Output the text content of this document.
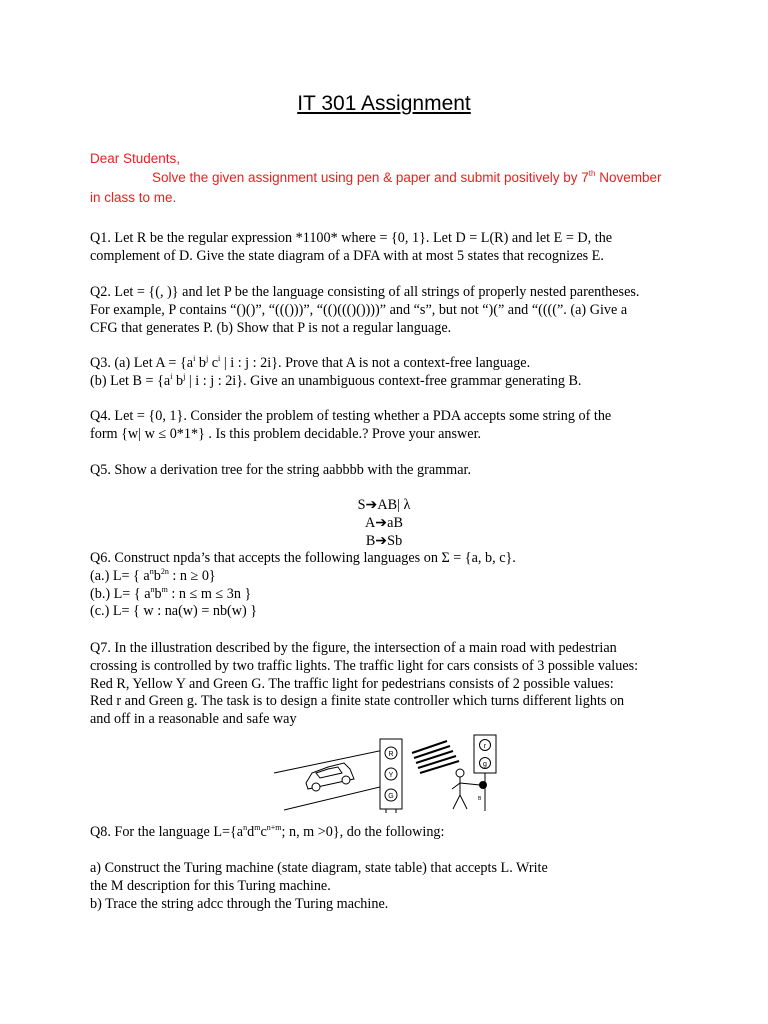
IT 301 Assignment
Dear Students,
Solve the given assignment using pen & paper and submit positively by 7th November
in class to me.
Q1. Let R be the regular expression *1100* where = {0, 1}. Let D = L(R) and let E = D, the
complement of D. Give the state diagram of a DFA with at most 5 states that recognizes E.
Q2. Let = {(, )} and let P be the language consisting of all strings of properly nested parentheses.
For example, P contains “()()”, “((()))”, “(()((()())))” and “s”, but not “)(” and “((((”. (a) Give a
CFG that generates P. (b) Show that P is not a regular language.
Q3. (a) Let $A = \{a^i$ $b^j$ $c^i$ | i : j : 2i}. Prove that A is not a context-free language.
(b) Let $B = \{a^i$ $b^j$ | i : j : 2i}. Give an unambiguous context-free grammar generating B.
Q4. Let = {0, 1}. Consider the problem of testing whether a PDA accepts some string of the
form {w| w ≤ 0*1*} . Is this problem decidable.? Prove your answer.
Q5. Show a derivation tree for the string aabbbb with the grammar.
S➔AB| λ
A➔aB
B➔Sb
Q6. Construct npda’s that accepts the following languages on Σ = {a, b, c}.
(a.) L= { $a^nb^{2n}$ : n ≥ 0}
(b.) L= { $a^nb^m$ : n ≤ m ≤ 3n }
(c.) L= { w : na(w) = nb(w) }
Q7. In the illustration described by the figure, the intersection of a main road with pedestrian
crossing is controlled by two traffic lights. The traffic light for cars consists of 3 possible values:
Red R, Yellow Y and Green G. The traffic light for pedestrians consists of 2 possible values:
Red r and Green g. The task is to design a finite state controller which turns different lights on
and off in a reasonable and safe way
R
Y
G
r
g
B
Q8. For the language $L=\{a^nd^mc^{n+m}$; n, m >0}, do the following:
a) Construct the Turing machine (state diagram, state table) that accepts L. Write
the M description for this Turing machine.
b) Trace the string adcc through the Turing machine.
